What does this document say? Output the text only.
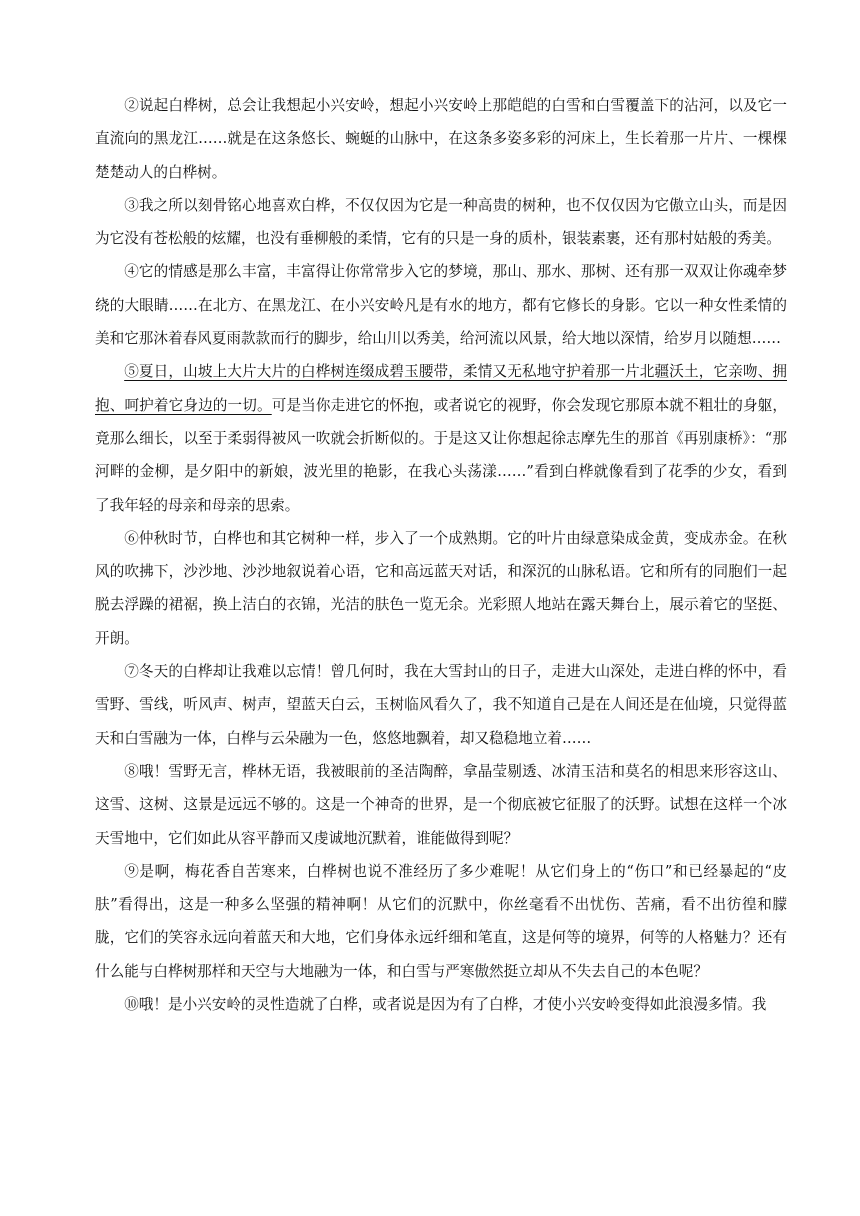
②说起白桦树，总会让我想起小兴安岭，想起小兴安岭上那皑皑的白雪和白雪覆盖下的沾河，以及它一直流向的黑龙江……就是在这条悠长、蜿蜒的山脉中，在这条多姿多彩的河床上，生长着那一片片、一棵棵楚楚动人的白桦树。

③我之所以刻骨铭心地喜欢白桦，不仅仅因为它是一种高贵的树种，也不仅仅因为它傲立山头，而是因为它没有苍松般的炫耀，也没有垂柳般的柔情，它有的只是一身的质朴，银装素裹，还有那村姑般的秀美。

④它的情感是那么丰富，丰富得让你常常步入它的梦境，那山、那水、那树、还有那一双双让你魂牵梦绕的大眼睛……在北方、在黑龙江、在小兴安岭凡是有水的地方，都有它修长的身影。它以一种女性柔情的美和它那沐着春风夏雨款款而行的脚步，给山川以秀美，给河流以风景，给大地以深情，给岁月以随想……

⑤夏日，山坡上大片大片的白桦树连缀成碧玉腰带，柔情又无私地守护着那一片北疆沃土，它亲吻、拥抱、呵护着它身边的一切。可是当你走进它的怀抱，或者说它的视野，你会发现它那原本就不粗壮的身躯，竟那么细长，以至于柔弱得被风一吹就会折断似的。于是这又让你想起徐志摩先生的那首《再别康桥》：“那河畔的金柳，是夕阳中的新娘，波光里的艳影，在我心头荡漾……”看到白桦就像看到了花季的少女，看到了我年轻的母亲和母亲的思索。

⑥仲秋时节，白桦也和其它树种一样，步入了一个成熟期。它的叶片由绿意染成金黄，变成赤金。在秋风的吹拂下，沙沙地、沙沙地叙说着心语，它和高远蓝天对话，和深沉的山脉私语。它和所有的同胞们一起脱去浮躁的裙裾，换上洁白的衣锦，光洁的肤色一览无余。光彩照人地站在露天舞台上，展示着它的坚挺、开朗。

⑦冬天的白桦却让我难以忘情！曾几何时，我在大雪封山的日子，走进大山深处，走进白桦的怀中，看雪野、雪线，听风声、树声，望蓝天白云，玉树临风看久了，我不知道自己是在人间还是在仙境，只觉得蓝天和白雪融为一体，白桦与云朵融为一色，悠悠地飘着，却又稳稳地立着……

⑧哦！雪野无言，桦林无语，我被眼前的圣洁陶醉，拿晶莹剔透、冰清玉洁和莫名的相思来形容这山、这雪、这树、这景是远远不够的。这是一个神奇的世界，是一个彻底被它征服了的沃野。试想在这样一个冰天雪地中，它们如此从容平静而又虔诚地沉默着，谁能做得到呢？

⑨是啊，梅花香自苦寒来，白桦树也说不准经历了多少难呢！从它们身上的“伤口”和已经暴起的“皮肤”看得出，这是一种多么坚强的精神啊！从它们的沉默中，你丝毫看不出忧伤、苦痛，看不出彷徨和朦胧，它们的笑容永远向着蓝天和大地，它们身体永远纤细和笔直，这是何等的境界，何等的人格魅力？还有什么能与白桦树那样和天空与大地融为一体，和白雪与严寒傲然挺立却从不失去自己的本色呢？

⑩哦！是小兴安岭的灵性造就了白桦，或者说是因为有了白桦，才使小兴安岭变得如此浪漫多情。我
